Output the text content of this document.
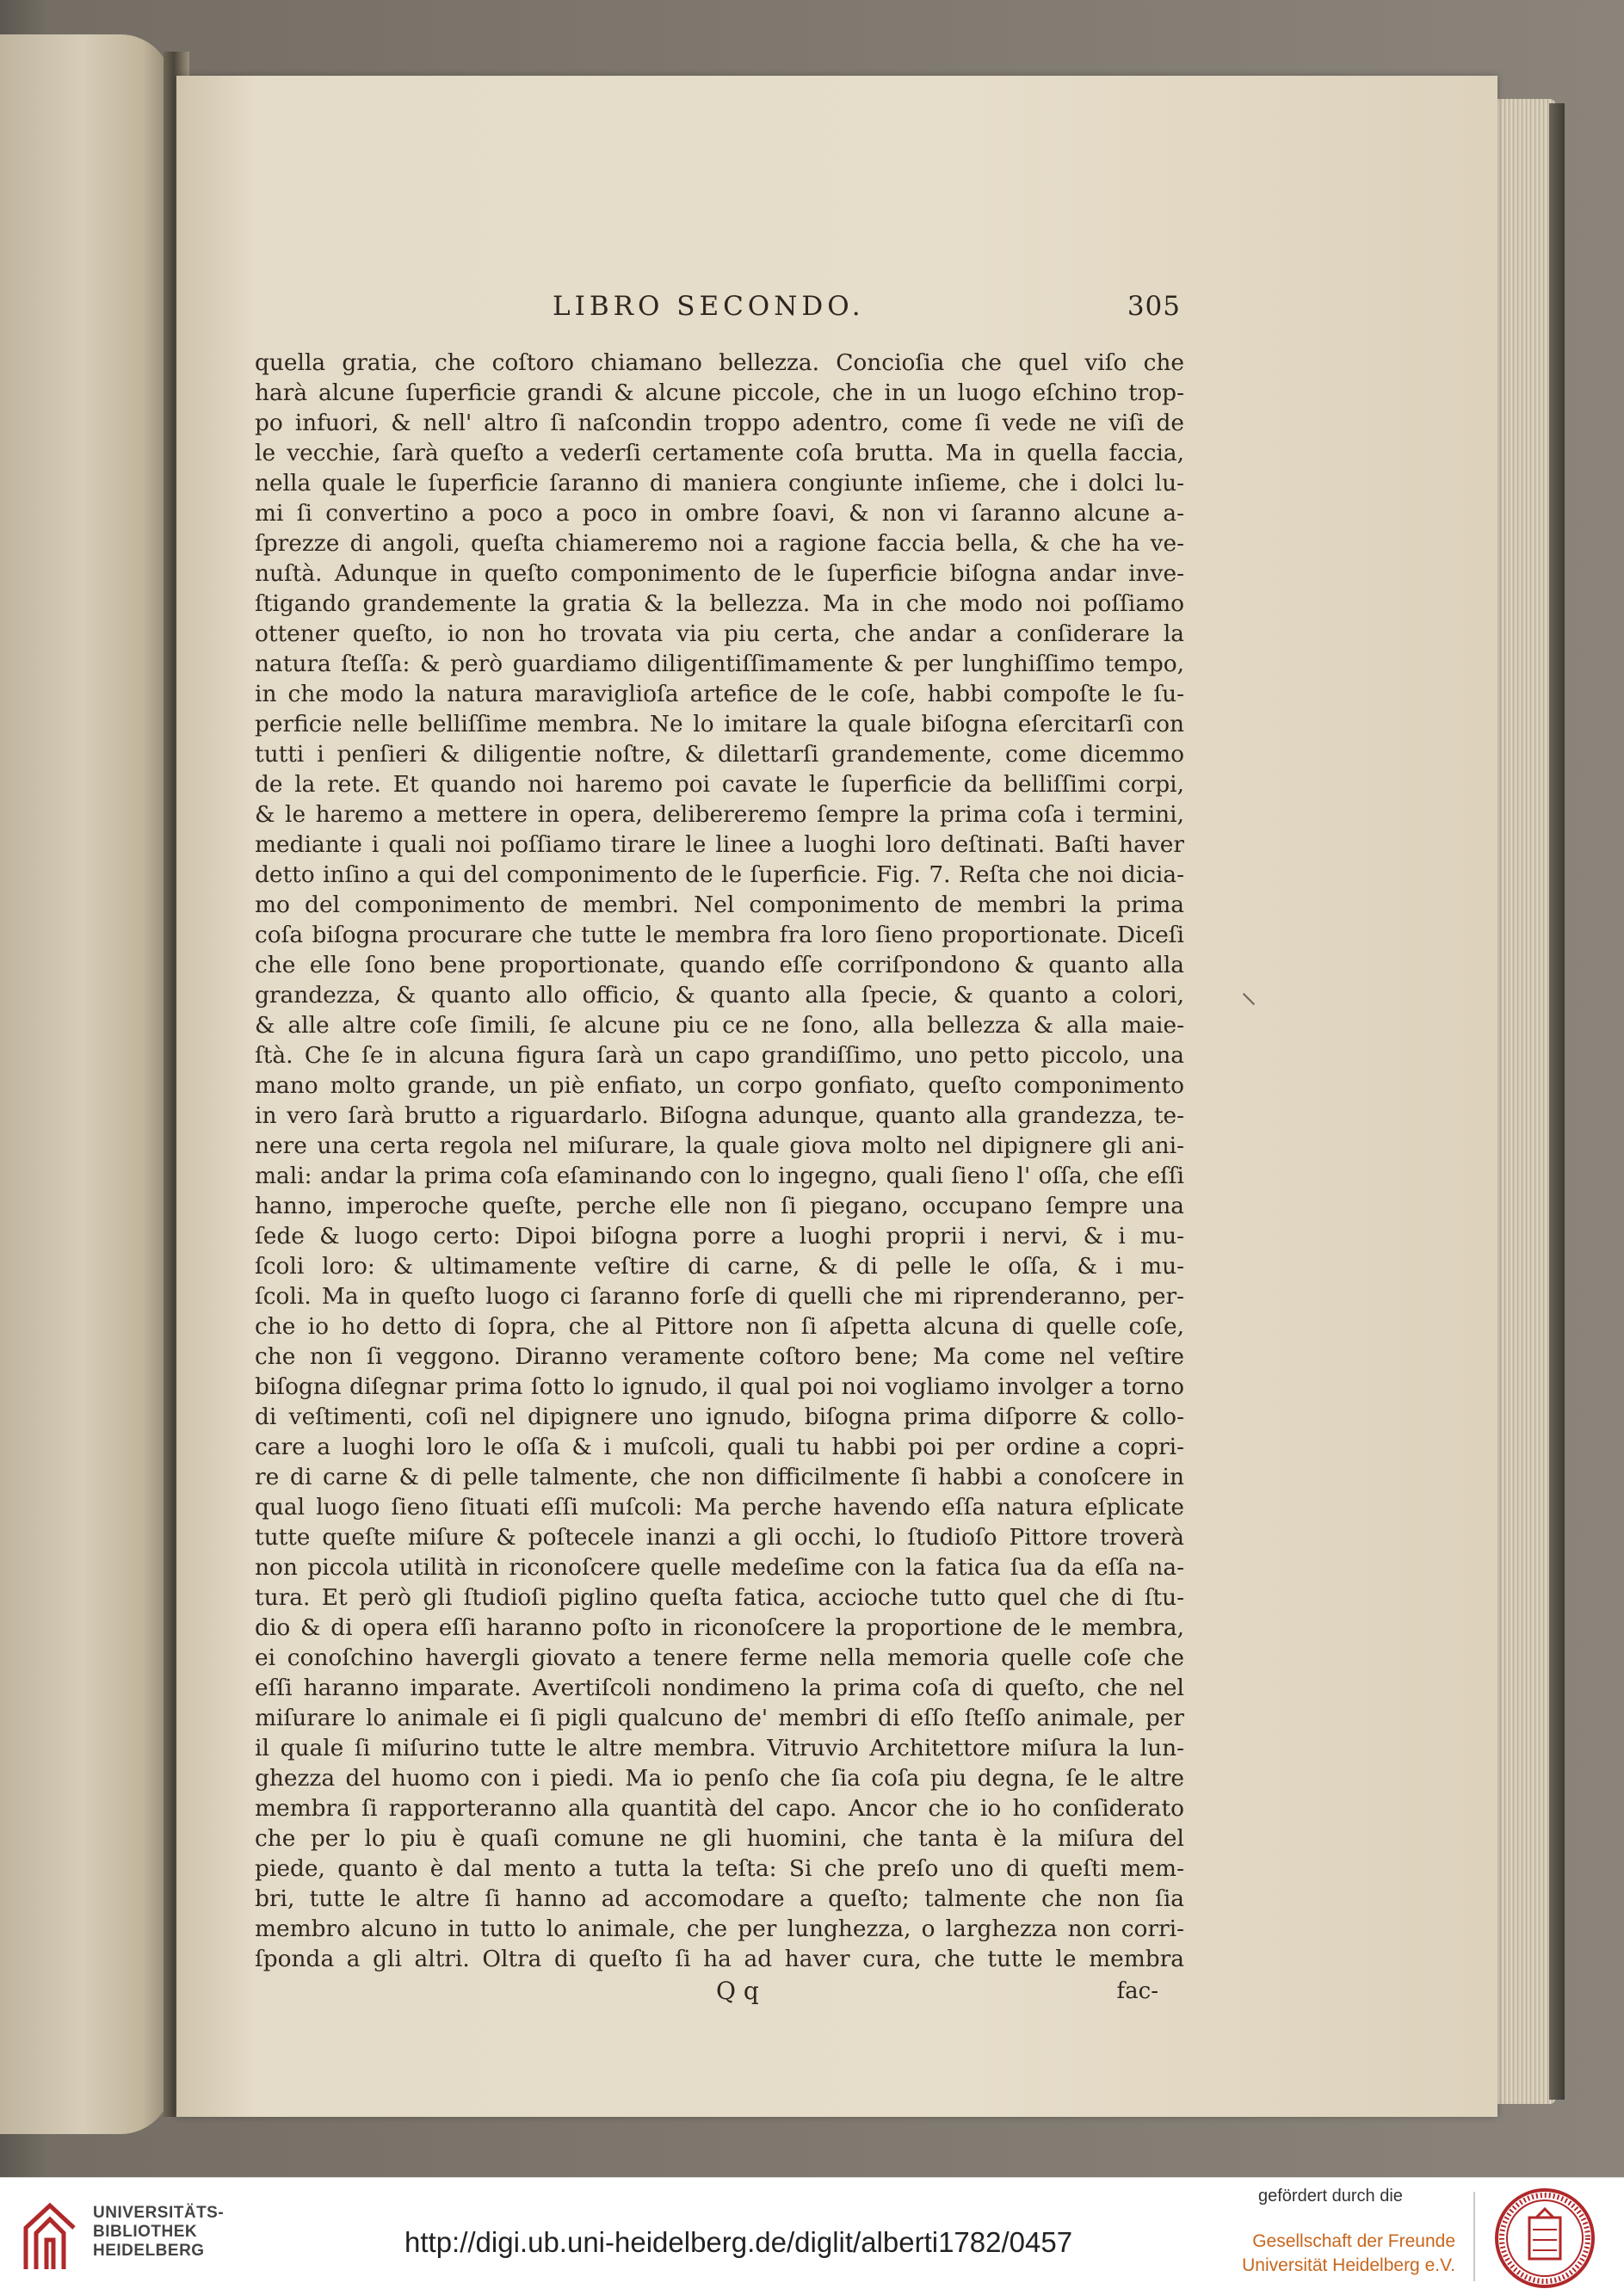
LIBRO SECONDO.	305
quella gratia, che coſtoro chiamano bellezza. Concioſia che quel viſo che
harà alcune ſuperficie grandi & alcune piccole, che in un luogo eſchino trop-
po infuori, & nell' altro ſi naſcondin troppo adentro, come ſi vede ne viſi de
le vecchie, ſarà queſto a vederſi certamente coſa brutta. Ma in quella faccia,
nella quale le ſuperficie ſaranno di maniera congiunte inſieme, che i dolci lu-
mi ſi convertino a poco a poco in ombre ſoavi, & non vi ſaranno alcune a-
ſprezze di angoli, queſta chiameremo noi a ragione faccia bella, & che ha ve-
nuſtà. Adunque in queſto componimento de le ſuperficie biſogna andar inve-
ſtigando grandemente la gratia & la bellezza. Ma in che modo noi poſſiamo
ottener queſto, io non ho trovata via piu certa, che andar a conſiderare la
natura ſteſſa: & però guardiamo diligentiſſimamente & per lunghiſſimo tempo,
in che modo la natura maraviglioſa artefice de le coſe, habbi compoſte le ſu-
perficie nelle belliſſime membra. Ne lo imitare la quale biſogna eſercitarſi con
tutti i penſieri & diligentie noſtre, & dilettarſi grandemente, come dicemmo
de la rete. Et quando noi haremo poi cavate le ſuperficie da belliſſimi corpi,
& le haremo a mettere in opera, delibereremo ſempre la prima coſa i termini,
mediante i quali noi poſſiamo tirare le linee a luoghi loro deſtinati. Baſti haver
detto inſino a qui del componimento de le ſuperficie. Fig. 7. Reſta che noi dicia-
mo del componimento de membri. Nel componimento de membri la prima
coſa biſogna procurare che tutte le membra fra loro ſieno proportionate. Diceſi
che elle ſono bene proportionate, quando eſſe corriſpondono & quanto alla
grandezza, & quanto allo officio, & quanto alla ſpecie, & quanto a colori,
& alle altre coſe ſimili, ſe alcune piu ce ne ſono, alla bellezza & alla maie-
ſtà. Che ſe in alcuna figura ſarà un capo grandiſſimo, uno petto piccolo, una
mano molto grande, un piè enfiato, un corpo gonfiato, queſto componimento
in vero ſarà brutto a riguardarlo. Biſogna adunque, quanto alla grandezza, te-
nere una certa regola nel miſurare, la quale giova molto nel dipignere gli ani-
mali: andar la prima coſa eſaminando con lo ingegno, quali ſieno l' oſſa, che eſſi
hanno, imperoche queſte, perche elle non ſi piegano, occupano ſempre una
ſede & luogo certo: Dipoi biſogna porre a luoghi proprii i nervi, & i mu-
ſcoli loro: & ultimamente veſtire di carne, & di pelle le oſſa, & i mu-
ſcoli. Ma in queſto luogo ci ſaranno forſe di quelli che mi riprenderanno, per-
che io ho detto di ſopra, che al Pittore non ſi aſpetta alcuna di quelle coſe,
che non ſi veggono. Diranno veramente coſtoro bene; Ma come nel veſtire
biſogna diſegnar prima ſotto lo ignudo, il qual poi noi vogliamo involger a torno
di veſtimenti, coſi nel dipignere uno ignudo, biſogna prima diſporre & collo-
care a luoghi loro le oſſa & i muſcoli, quali tu habbi poi per ordine a copri-
re di carne & di pelle talmente, che non difficilmente ſi habbi a conoſcere in
qual luogo ſieno ſituati eſſi muſcoli: Ma perche havendo eſſa natura eſplicate
tutte queſte miſure & poſtecele inanzi a gli occhi, lo ſtudioſo Pittore troverà
non piccola utilità in riconoſcere quelle medeſime con la fatica ſua da eſſa na-
tura. Et però gli ſtudioſi piglino queſta fatica, accioche tutto quel che di ſtu-
dio & di opera eſſi haranno poſto in riconoſcere la proportione de le membra,
ei conoſchino havergli giovato a tenere ferme nella memoria quelle coſe che
eſſi haranno imparate. Avertiſcoli nondimeno la prima coſa di queſto, che nel
miſurare lo animale ei ſi pigli qualcuno de' membri di eſſo ſteſſo animale, per
il quale ſi miſurino tutte le altre membra. Vitruvio Architettore miſura la lun-
ghezza del huomo con i piedi. Ma io penſo che ſia coſa piu degna, ſe le altre
membra ſi rapporteranno alla quantità del capo. Ancor che io ho conſiderato
che per lo piu è quaſi comune ne gli huomini, che tanta è la miſura del
piede, quanto è dal mento a tutta la teſta: Si che preſo uno di queſti mem-
bri, tutte le altre ſi hanno ad accomodare a queſto; talmente che non ſia
membro alcuno in tutto lo animale, che per lunghezza, o larghezza non corri-
ſponda a gli altri. Oltra di queſto ſi ha ad haver cura, che tutte le membra
Q q	fac-
UNIVERSITÄTS-
BIBLIOTHEK
HEIDELBERG	http://digi.ub.uni-heidelberg.de/diglit/alberti1782/0457
gefördert durch die
Gesellschaft der Freunde
Universität Heidelberg e.V.
